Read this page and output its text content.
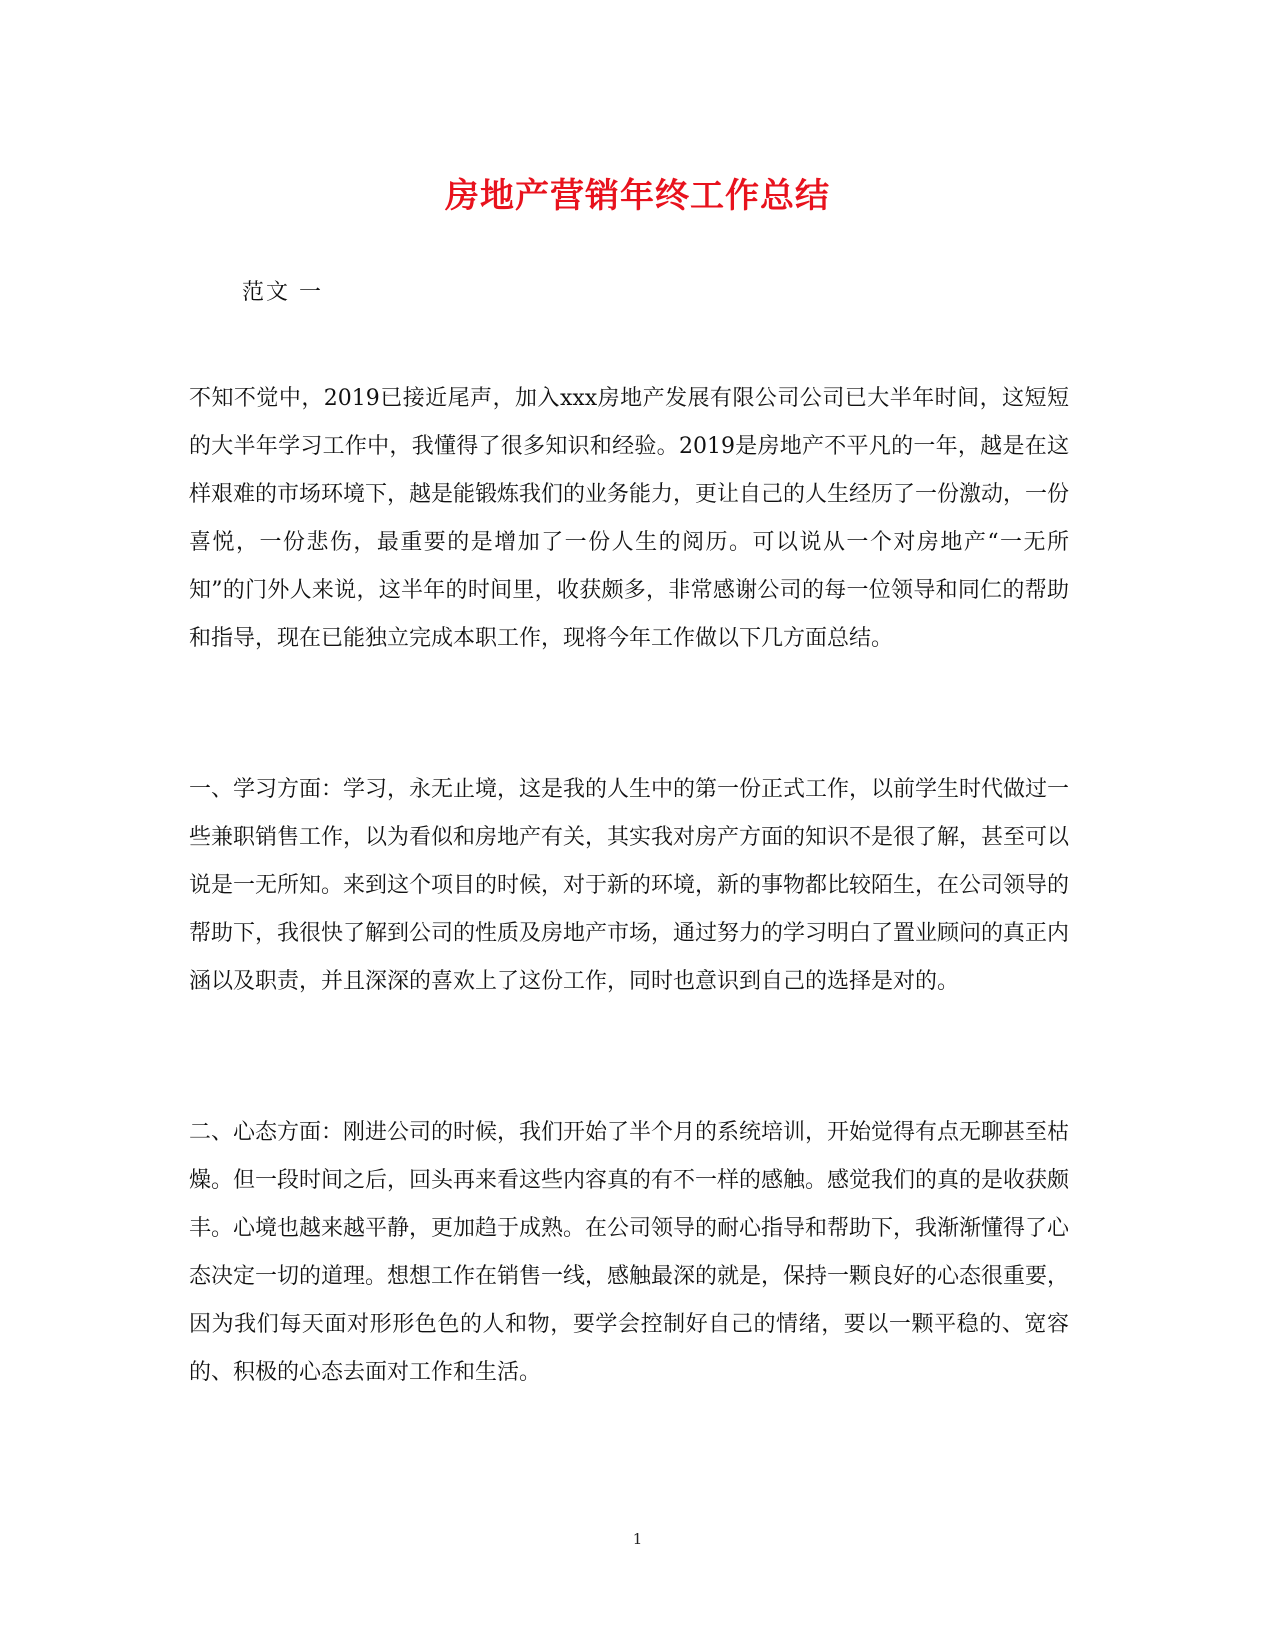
房地产营销年终工作总结
范文 一

不知不觉中，2019已接近尾声，加入xxx房地产发展有限公司公司已大半年时间，这短短的大半年学习工作中，我懂得了很多知识和经验。2019是房地产不平凡的一年，越是在这样艰难的市场环境下，越是能锻炼我们的业务能力，更让自己的人生经历了一份激动，一份喜悦，一份悲伤，最重要的是增加了一份人生的阅历。可以说从一个对房地产“一无所知”的门外人来说，这半年的时间里，收获颇多，非常感谢公司的每一位领导和同仁的帮助和指导，现在已能独立完成本职工作，现将今年工作做以下几方面总结。

一、学习方面：学习，永无止境，这是我的人生中的第一份正式工作，以前学生时代做过一些兼职销售工作，以为看似和房地产有关，其实我对房产方面的知识不是很了解，甚至可以说是一无所知。来到这个项目的时候，对于新的环境，新的事物都比较陌生，在公司领导的帮助下，我很快了解到公司的性质及房地产市场，通过努力的学习明白了置业顾问的真正内涵以及职责，并且深深的喜欢上了这份工作，同时也意识到自己的选择是对的。

二、心态方面：刚进公司的时候，我们开始了半个月的系统培训，开始觉得有点无聊甚至枯燥。但一段时间之后，回头再来看这些内容真的有不一样的感触。感觉我们的真的是收获颇丰。心境也越来越平静，更加趋于成熟。在公司领导的耐心指导和帮助下，我渐渐懂得了心态决定一切的道理。想想工作在销售一线，感触最深的就是，保持一颗良好的心态很重要，因为我们每天面对形形色色的人和物，要学会控制好自己的情绪，要以一颗平稳的、宽容的、积极的心态去面对工作和生活。

1
